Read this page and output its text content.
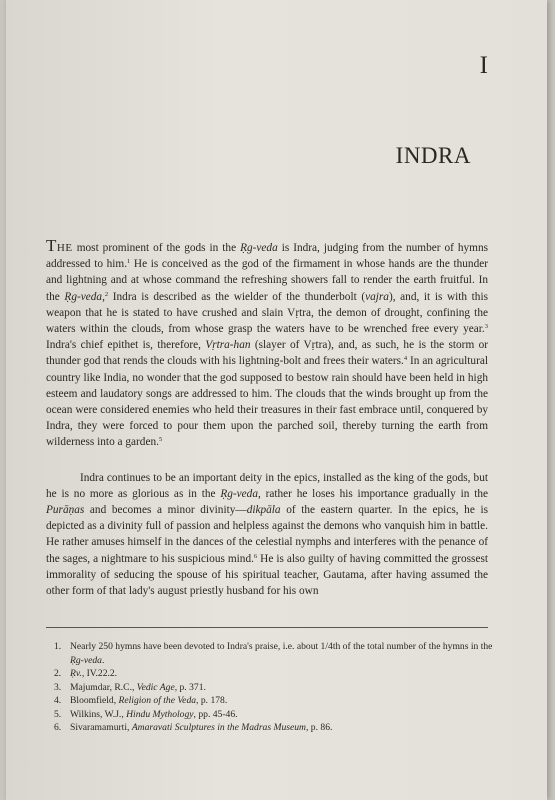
I
INDRA

THE most prominent of the gods in the Ṛg-veda is Indra, judging from the number of hymns addressed to him.$^1$ He is conceived as the god of the firmament in whose hands are the thunder and lightning and at whose command the refreshing showers fall to render the earth fruitful. In the Ṛg-veda,$^2$ Indra is described as the wielder of the thunderbolt (vajra), and, it is with this weapon that he is stated to have crushed and slain Vṛtra, the demon of drought, confining the waters within the clouds, from whose grasp the waters have to be wrenched free every year.$^3$ Indra's chief epithet is, therefore, Vṛtra-han (slayer of Vṛtra), and, as such, he is the storm or thunder god that rends the clouds with his lightning-bolt and frees their waters.$^4$ In an agricultural country like India, no wonder that the god supposed to bestow rain should have been held in high esteem and laudatory songs are addressed to him. The clouds that the winds brought up from the ocean were considered enemies who held their treasures in their fast embrace until, conquered by Indra, they were forced to pour them upon the parched soil, thereby turning the earth from wilderness into a garden.$^5$

Indra continues to be an important deity in the epics, installed as the king of the gods, but he is no more as glorious as in the Ṛg-veda, rather he loses his importance gradually in the Purāṇas and becomes a minor divinity—dikpāla of the eastern quarter. In the epics, he is depicted as a divinity full of passion and helpless against the demons who vanquish him in battle. He rather amuses himself in the dances of the celestial nymphs and interferes with the penance of the sages, a nightmare to his suspicious mind.$^6$ He is also guilty of having committed the grossest immorality of seducing the spouse of his spiritual teacher, Gautama, after having assumed the other form of that lady's august priestly husband for his own

1. Nearly 250 hymns have been devoted to Indra's praise, i.e. about 1/4th of the total number of the hymns in the Ṛg-veda.
2. Ṛv., IV.22.2.
3. Majumdar, R.C., Vedic Age, p. 371.
4. Bloomfield, Religion of the Veda, p. 178.
5. Wilkins, W.J., Hindu Mythology, pp. 45-46.
6. Sivaramamurti, Amaravati Sculptures in the Madras Museum, p. 86.
